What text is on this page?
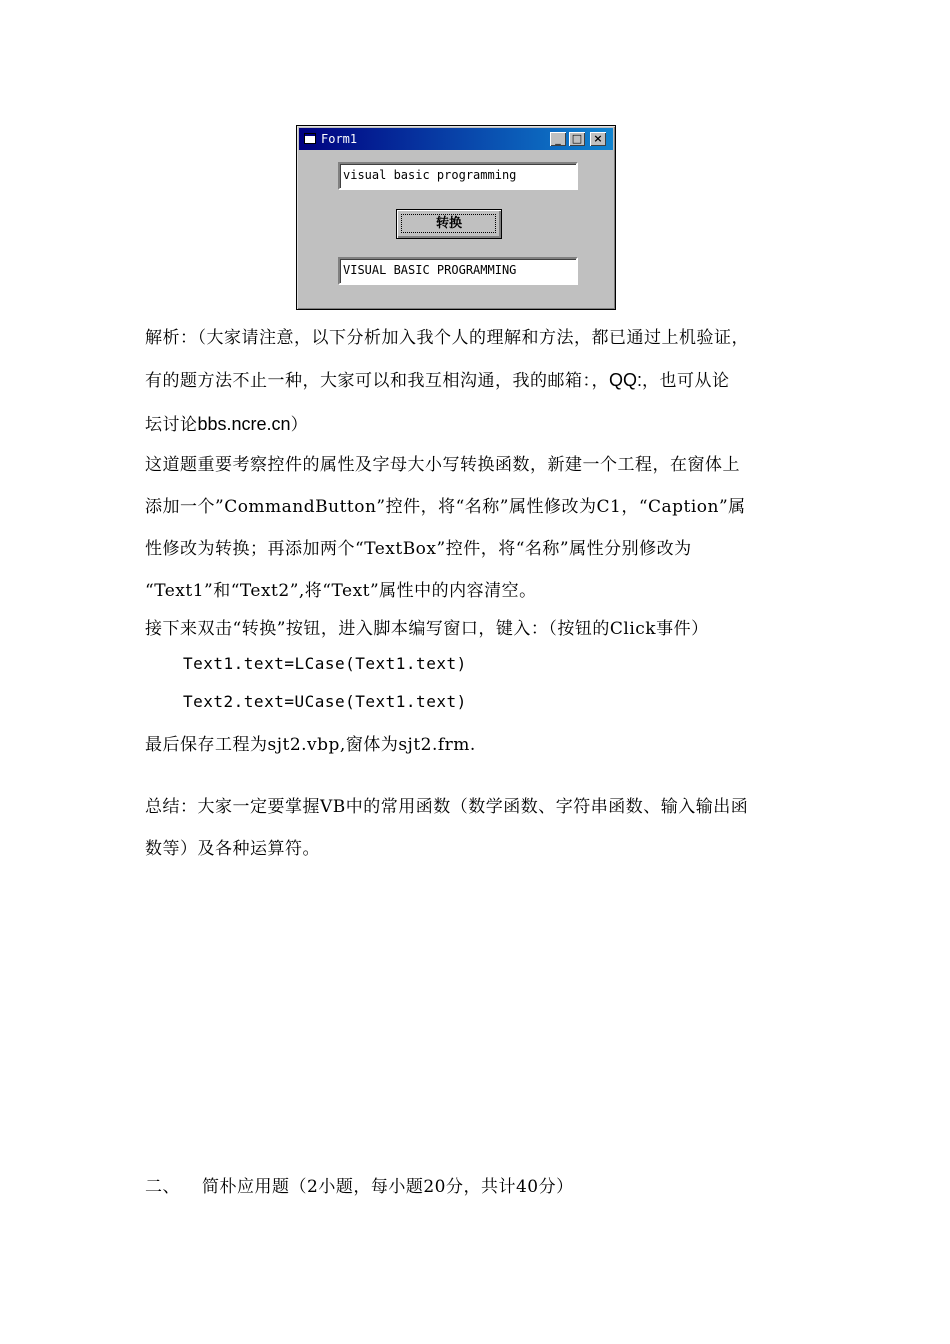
Form1	_	□	×
visual basic programming
转换
VISUAL BASIC PROGRAMMING
解析：（大家请注意，以下分析加入我个人的理解和方法，都已通过上机验证，
有的题方法不止一种，大家可以和我互相沟通，我的邮箱：，QQ:，也可从论
坛讨论bbs.ncre.cn）
这道题重要考察控件的属性及字母大小写转换函数，新建一个工程，在窗体上
添加一个”CommandButton”控件，将“名称”属性修改为C1，“Caption”属
性修改为转换；再添加两个“TextBox”控件，将“名称”属性分别修改为
“Text1”和“Text2”,将“Text”属性中的内容清空。
接下来双击“转换”按钮，进入脚本编写窗口，键入：（按钮的Click事件）
Text1.text=LCase(Text1.text)
Text2.text=UCase(Text1.text)
最后保存工程为sjt2.vbp,窗体为sjt2.frm.
总结：大家一定要掌握VB中的常用函数（数学函数、字符串函数、输入输出函
数等）及各种运算符。
二、 简朴应用题（2小题，每小题20分，共计40分）
